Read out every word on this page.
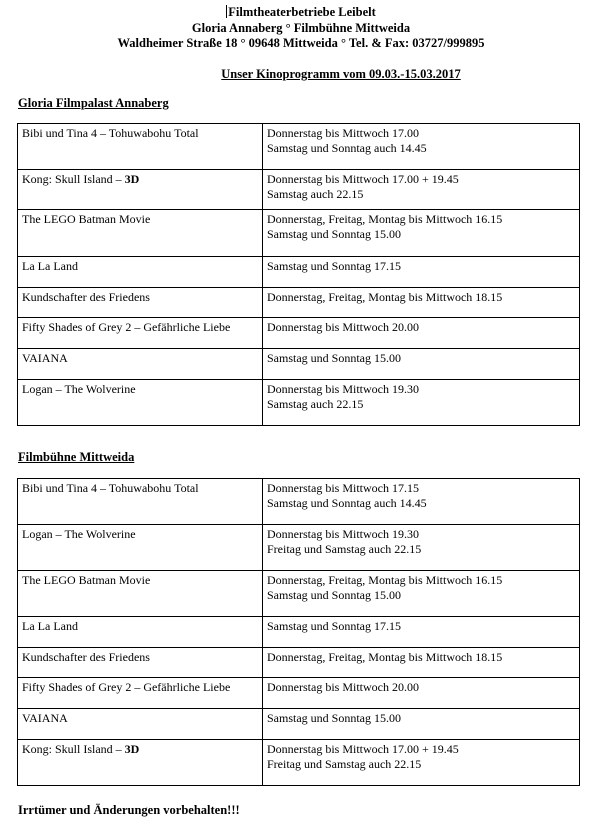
Filmtheaterbetriebe Leibelt
Gloria Annaberg ° Filmbühne Mittweida
Waldheimer Straße 18 ° 09648 Mittweida ° Tel. & Fax: 03727/999895
Unser Kinoprogramm vom 09.03.-15.03.2017
Gloria Filmpalast Annaberg
Bibi und Tina 4 – Tohuwabohu Total	Donnerstag bis Mittwoch 17.00
Samstag und Sonntag auch 14.45

Kong: Skull Island – 3D	Donnerstag bis Mittwoch 17.00 + 19.45
Samstag auch 22.15

The LEGO Batman Movie	Donnerstag, Freitag, Montag bis Mittwoch 16.15
Samstag und Sonntag 15.00

La La Land	Samstag und Sonntag 17.15

Kundschafter des Friedens	Donnerstag, Freitag, Montag bis Mittwoch 18.15

Fifty Shades of Grey 2 – Gefährliche Liebe	Donnerstag bis Mittwoch 20.00

VAIANA	Samstag und Sonntag 15.00

Logan – The Wolverine	Donnerstag bis Mittwoch 19.30
Samstag auch 22.15
Filmbühne Mittweida
Bibi und Tina 4 – Tohuwabohu Total	Donnerstag bis Mittwoch 17.15
Samstag und Sonntag auch 14.45

Logan – The Wolverine	Donnerstag bis Mittwoch 19.30
Freitag und Samstag auch 22.15

The LEGO Batman Movie	Donnerstag, Freitag, Montag bis Mittwoch 16.15
Samstag und Sonntag 15.00

La La Land	Samstag und Sonntag 17.15

Kundschafter des Friedens	Donnerstag, Freitag, Montag bis Mittwoch 18.15

Fifty Shades of Grey 2 – Gefährliche Liebe	Donnerstag bis Mittwoch 20.00

VAIANA	Samstag und Sonntag 15.00

Kong: Skull Island – 3D	Donnerstag bis Mittwoch 17.00 + 19.45
Freitag und Samstag auch 22.15
Irrtümer und Änderungen vorbehalten!!!
